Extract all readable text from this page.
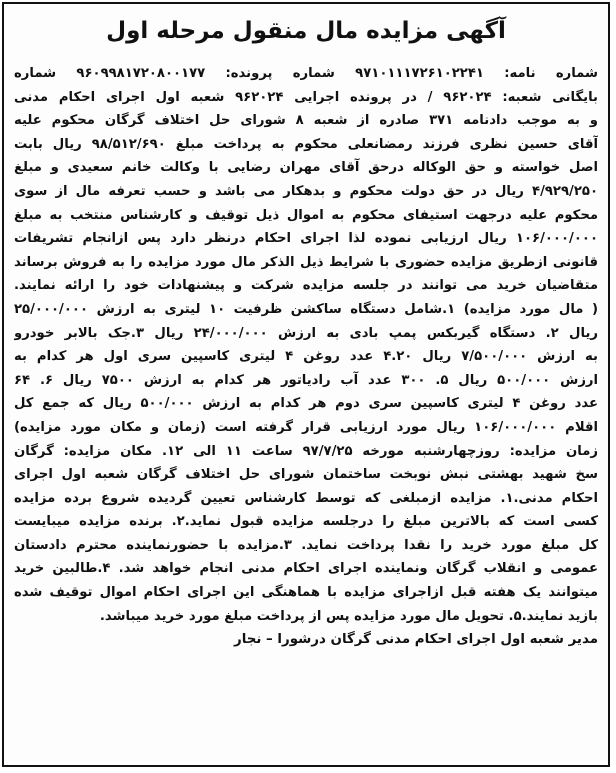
آگهی مزایده مال منقول مرحله اول
شماره نامه: ۹۷۱۰۱۱۱۷۲۶۱۰۲۲۴۱ شماره پرونده: ۹۶۰۹۹۸۱۷۲۰۸۰۰۱۷۷ شماره
بایگانی شعبه: ۹۶۲۰۲۴ / در پرونده اجرایی ۹۶۲۰۲۴ شعبه اول اجرای احکام مدنی
و به موجب دادنامه ۳۷۱ صادره از شعبه ۸ شورای حل اختلاف گرگان محکوم علیه
آقای حسین نظری فرزند رمضانعلی محکوم به پرداخت مبلغ ۹۸/۵۱۲/۶۹۰ ریال بابت
اصل خواسته و حق الوکاله درحق آقای مهران رضایی با وکالت خانم سعیدی و مبلغ
۴/۹۲۹/۲۵۰ ریال در حق دولت محکوم و بدهکار می باشد و حسب تعرفه مال از سوی
محکوم علیه درجهت استیفای محکوم به اموال ذیل توقیف و کارشناس منتخب به مبلغ
۱۰۶/۰۰۰/۰۰۰ ریال ارزیابی نموده لذا اجرای احکام درنظر دارد پس ازانجام تشریفات
قانونی ازطریق مزایده حضوری با شرایط ذیل الذکر مال مورد مزایده را به فروش برساند
متقاضیان خرید می توانند در جلسه مزایده شرکت و پیشنهادات خود را ارائه نمایند.
( مال مورد مزایده) ۱.شامل دستگاه ساکشن ظرفیت ۱۰ لیتری به ارزش ۲۵/۰۰۰/۰۰۰
ریال ۲. دستگاه گیربکس پمپ بادی به ارزش ۲۴/۰۰۰/۰۰۰ ریال ۳.جک بالابر خودرو
به ارزش ۷/۵۰۰/۰۰۰ ریال ۴.۲۰ عدد روغن ۴ لیتری کاسپین سری اول هر کدام به
ارزش ۵۰۰/۰۰۰ ریال ۵. ۳۰۰ عدد آب رادیاتور هر کدام به ارزش ۷۵۰۰ ریال ۶. ۶۴
عدد روغن ۴ لیتری کاسپین سری دوم هر کدام به ارزش ۵۰۰/۰۰۰ ریال که جمع کل
اقلام ۱۰۶/۰۰۰/۰۰۰ ریال مورد ارزیابی قرار گرفته است (زمان و مکان مورد مزایده)
زمان مزایده: روزچهارشنبه مورخه ۹۷/۷/۲۵ ساعت ۱۱ الی ۱۲. مکان مزایده: گرگان
سخ شهید بهشتی نبش نوبخت ساختمان شورای حل اختلاف گرگان شعبه اول اجرای
احکام مدنی.۱. مزایده ازمبلغی که توسط کارشناس تعیین گردیده شروع برده مزایده
کسی است که بالاترین مبلغ را درجلسه مزایده قبول نماید.۲. برنده مزایده میبایست
کل مبلغ مورد خرید را نقدا پرداخت نماید. ۳.مزایده با حضورنماینده محترم دادستان
عمومی و انقلاب گرگان ونماینده اجرای احکام مدنی انجام خواهد شد. ۴.طالبین خرید
میتوانند یک هفته قبل ازاجرای مزایده با هماهنگی این اجرای احکام اموال توقیف شده
بازید نمایند.۵. تحویل مال مورد مزایده پس از پرداخت مبلغ مورد خرید میباشد.
مدیر شعبه اول اجرای احکام مدنی گرگان درشورا – نجار
